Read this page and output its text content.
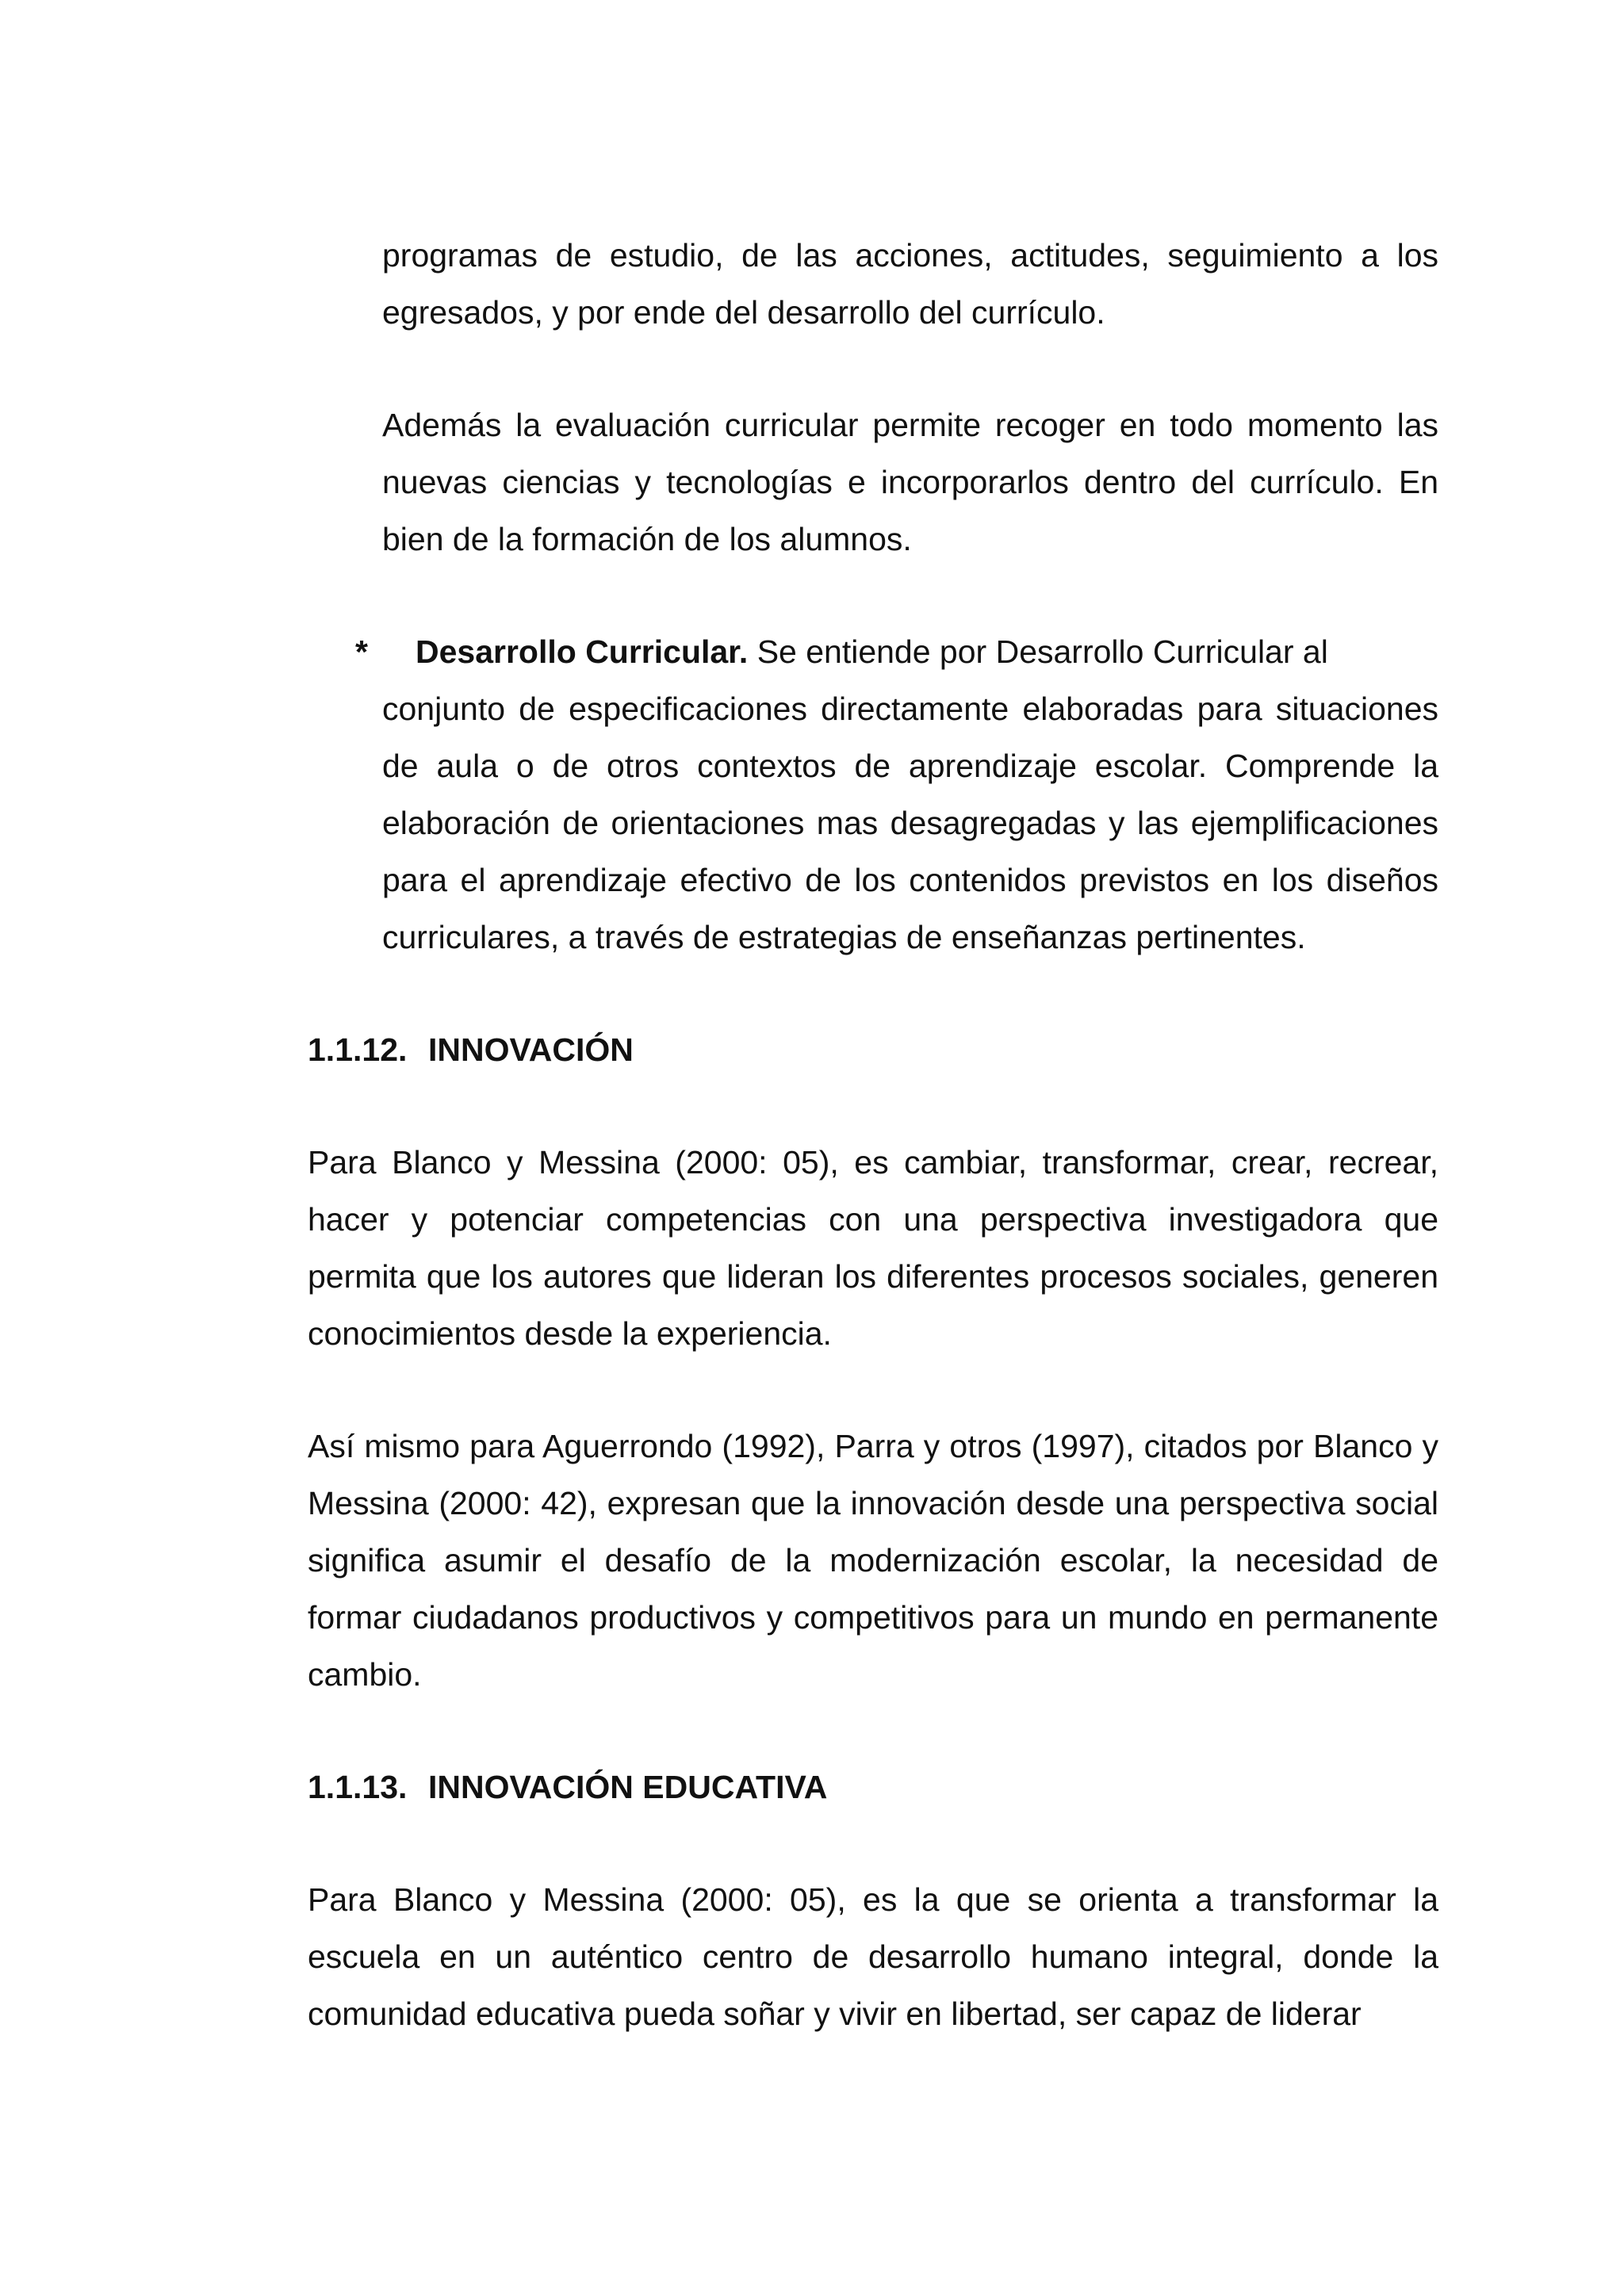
programas de estudio, de las acciones, actitudes, seguimiento a los egresados, y por ende del desarrollo del currículo.

Además la evaluación curricular permite recoger en todo momento las nuevas ciencias y tecnologías e incorporarlos dentro del currículo. En bien de la formación de los alumnos.

* Desarrollo Curricular. Se entiende por Desarrollo Curricular al
conjunto de especificaciones directamente elaboradas para situaciones de aula o de otros contextos de aprendizaje escolar. Comprende la elaboración de orientaciones mas desagregadas y las ejemplificaciones para el aprendizaje efectivo de los contenidos previstos en los diseños curriculares, a través de estrategias de enseñanzas pertinentes.
1.1.12. INNOVACIÓN

Para Blanco y Messina (2000: 05), es cambiar, transformar, crear, recrear, hacer y potenciar competencias con una perspectiva investigadora que permita que los autores que lideran los diferentes procesos sociales, generen conocimientos desde la experiencia.

Así mismo para Aguerrondo (1992), Parra y otros (1997), citados por Blanco y Messina (2000: 42), expresan que la innovación desde una perspectiva social significa asumir el desafío de la modernización escolar, la necesidad de formar ciudadanos productivos y competitivos para un mundo en permanente cambio.

1.1.13. INNOVACIÓN EDUCATIVA

Para Blanco y Messina (2000: 05), es la que se orienta a transformar la escuela en un auténtico centro de desarrollo humano integral, donde la comunidad educativa pueda soñar y vivir en libertad, ser capaz de liderar
